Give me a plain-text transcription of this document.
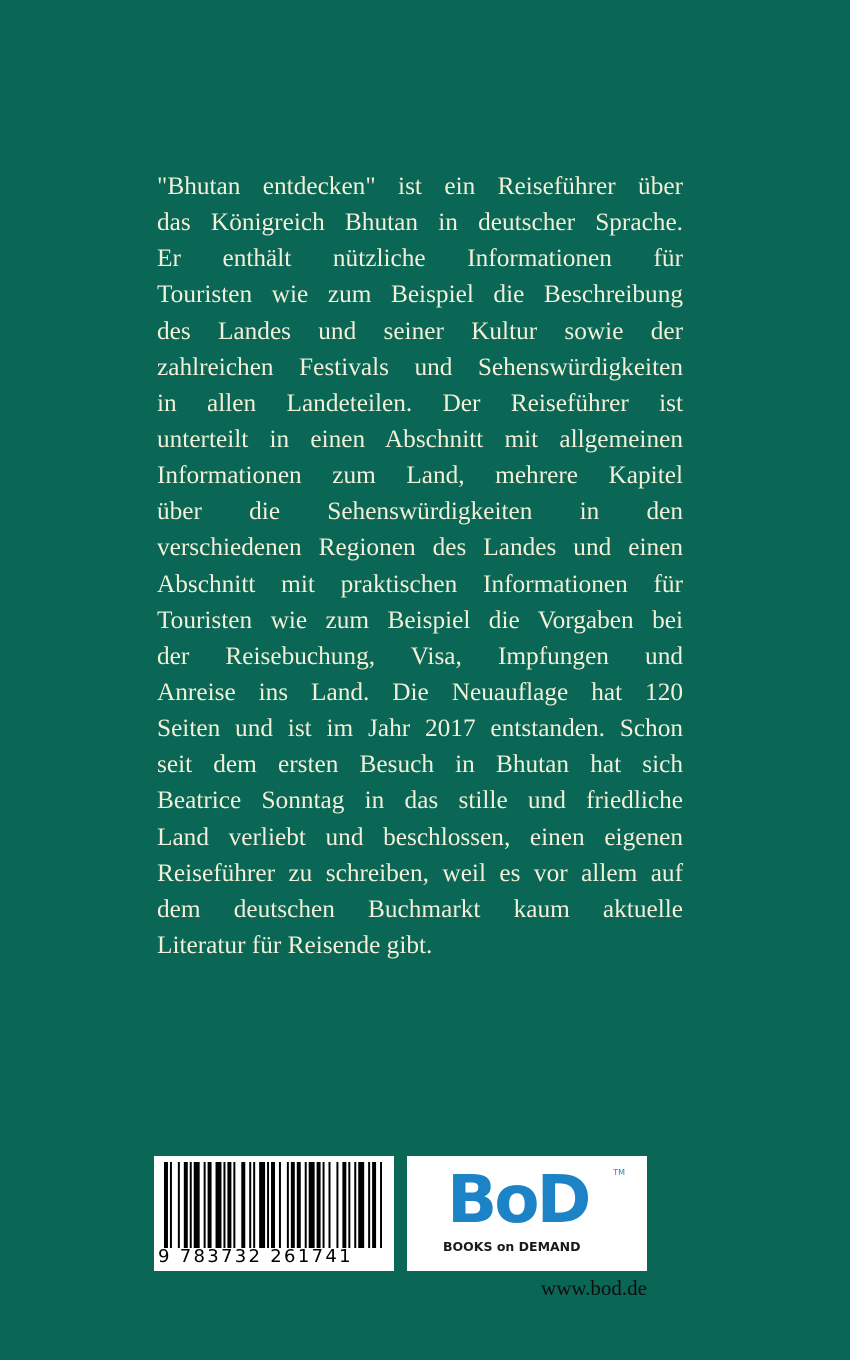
"Bhutan entdecken" ist ein Reiseführer über
das Königreich Bhutan in deutscher Sprache.
Er enthält nützliche Informationen für
Touristen wie zum Beispiel die Beschreibung
des Landes und seiner Kultur sowie der
zahlreichen Festivals und Sehenswürdigkeiten
in allen Landeteilen. Der Reiseführer ist
unterteilt in einen Abschnitt mit allgemeinen
Informationen zum Land, mehrere Kapitel
über die Sehenswürdigkeiten in den
verschiedenen Regionen des Landes und einen
Abschnitt mit praktischen Informationen für
Touristen wie zum Beispiel die Vorgaben bei
der Reisebuchung, Visa, Impfungen und
Anreise ins Land. Die Neuauflage hat 120
Seiten und ist im Jahr 2017 entstanden. Schon
seit dem ersten Besuch in Bhutan hat sich
Beatrice Sonntag in das stille und friedliche
Land verliebt und beschlossen, einen eigenen
Reiseführer zu schreiben, weil es vor allem auf
dem deutschen Buchmarkt kaum aktuelle
Literatur für Reisende gibt.
9 783732 261741
BoD	TM
BOOKS on DEMAND
www.bod.de
